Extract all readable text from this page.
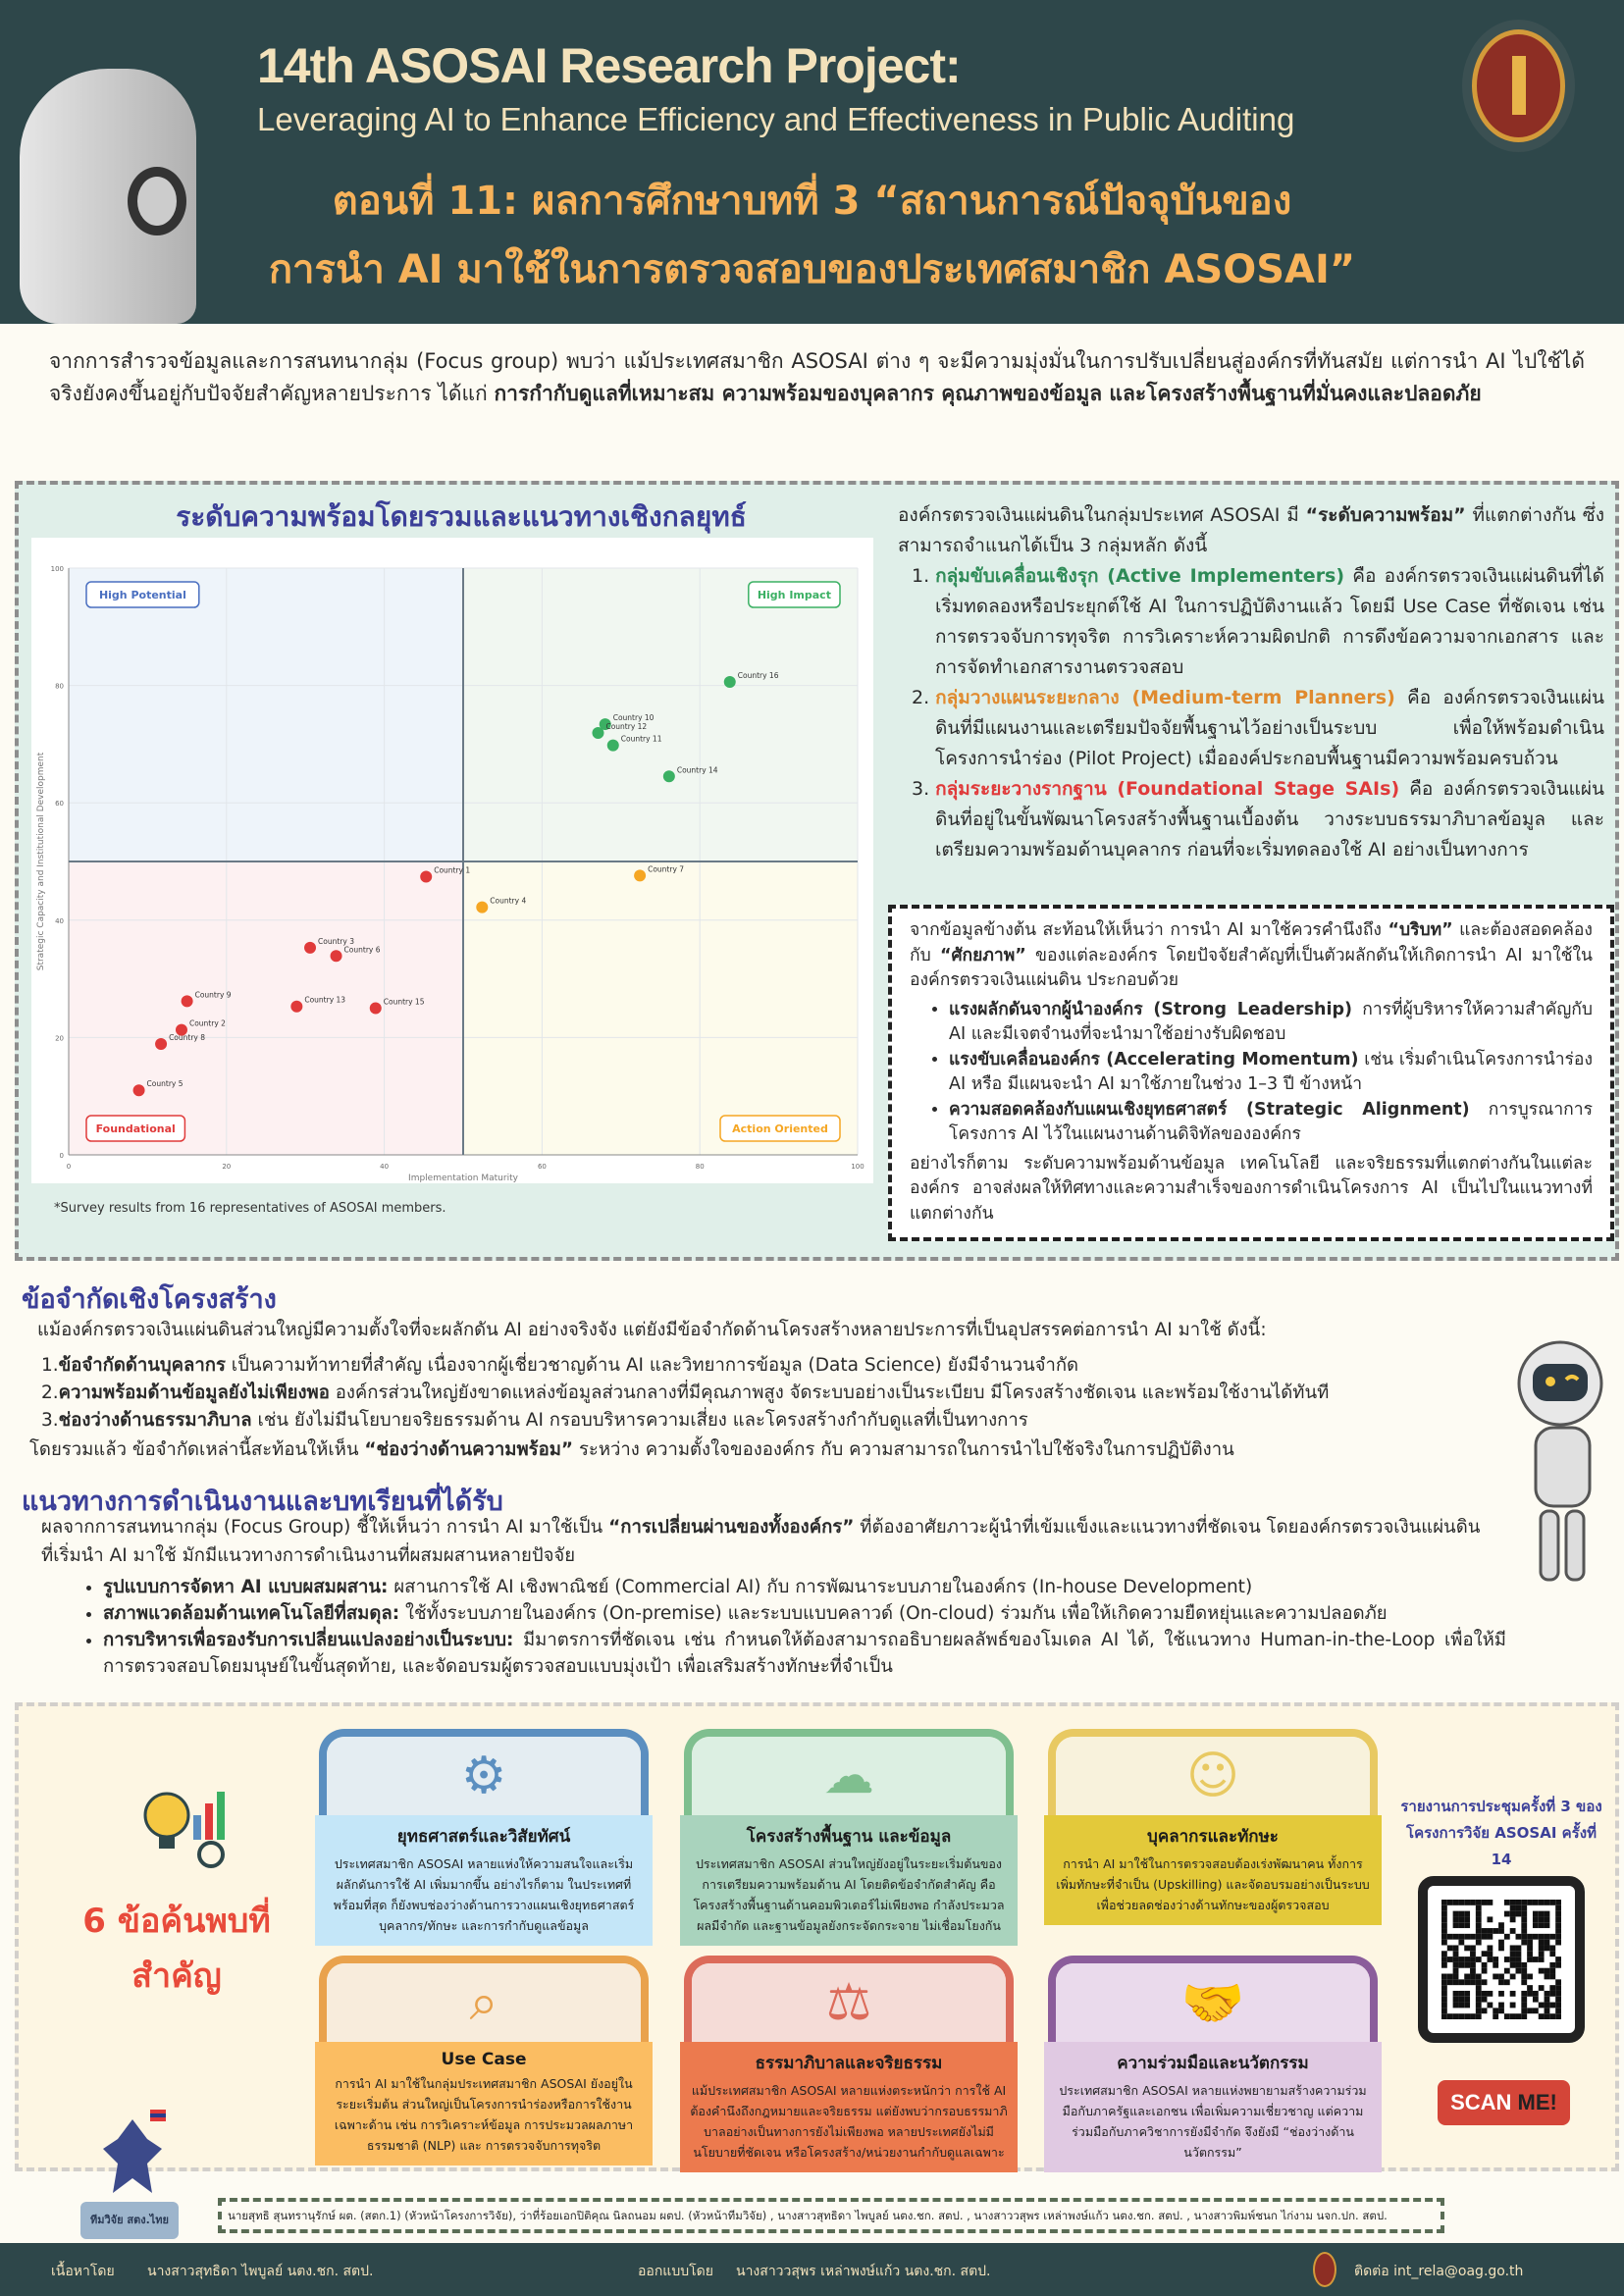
14th ASOSAI Research Project:
Leveraging AI to Enhance Efficiency and Effectiveness in Public Auditing
ตอนที่ 11: ผลการศึกษาบทที่ 3 “สถานการณ์ปัจจุบันของ
การนำ AI มาใช้ในการตรวจสอบของประเทศสมาชิก ASOSAI”
จากการสำรวจข้อมูลและการสนทนากลุ่ม (Focus group) พบว่า แม้ประเทศสมาชิก ASOSAI ต่าง ๆ จะมีความมุ่งมั่นในการปรับเปลี่ยนสู่องค์กรที่ทันสมัย แต่การนำ AI ไปใช้ได้จริงยังคงขึ้นอยู่กับปัจจัยสำคัญหลายประการ ได้แก่ การกำกับดูแลที่เหมาะสม ความพร้อมของบุคลากร คุณภาพของข้อมูล และโครงสร้างพื้นฐานที่มั่นคงและปลอดภัย
ระดับความพร้อมโดยรวมและแนวทางเชิงกลยุทธ์
0	20	40	60	80	100
0
20
40
60
80
100
Implementation Maturity
Strategic Capacity and Institutional Development
High Potential	High Impact
Foundational	Action Oriented
Country 16
Country 10
Country 12
Country 11
Country 14
Country 7
Country 4
Country 1
Country 3
Country 6
Country 9
Country 13	Country 15
Country 2
Country 8
Country 5
*Survey results from 16 representatives of ASOSAI members.

องค์กรตรวจเงินแผ่นดินในกลุ่มประเทศ ASOSAI มี “ระดับความพร้อม” ที่แตกต่างกัน ซึ่งสามารถจำแนกได้เป็น 3 กลุ่มหลัก ดังนี้

1. กลุ่มขับเคลื่อนเชิงรุก (Active Implementers) คือ องค์กรตรวจเงินแผ่นดินที่ได้เริ่มทดลองหรือประยุกต์ใช้ AI ในการปฏิบัติงานแล้ว โดยมี Use Case ที่ชัดเจน เช่น การตรวจจับการทุจริต การวิเคราะห์ความผิดปกติ การดึงข้อความจากเอกสาร และการจัดทำเอกสารงานตรวจสอบ

2. กลุ่มวางแผนระยะกลาง (Medium-term Planners) คือ องค์กรตรวจเงินแผ่นดินที่มีแผนงานและเตรียมปัจจัยพื้นฐานไว้อย่างเป็นระบบ เพื่อให้พร้อมดำเนินโครงการนำร่อง (Pilot Project) เมื่อองค์ประกอบพื้นฐานมีความพร้อมครบถ้วน

3. กลุ่มระยะวางรากฐาน (Foundational Stage SAIs) คือ องค์กรตรวจเงินแผ่นดินที่อยู่ในขั้นพัฒนาโครงสร้างพื้นฐานเบื้องต้น วางระบบธรรมาภิบาลข้อมูล และเตรียมความพร้อมด้านบุคลากร ก่อนที่จะเริ่มทดลองใช้ AI อย่างเป็นทางการ

จากข้อมูลข้างต้น สะท้อนให้เห็นว่า การนำ AI มาใช้ควรคำนึงถึง “บริบท” และต้องสอดคล้องกับ “ศักยภาพ” ของแต่ละองค์กร โดยปัจจัยสำคัญที่เป็นตัวผลักดันให้เกิดการนำ AI มาใช้ในองค์กรตรวจเงินแผ่นดิน ประกอบด้วย

• แรงผลักดันจากผู้นำองค์กร (Strong Leadership) การที่ผู้บริหารให้ความสำคัญกับ AI และมีเจตจำนงที่จะนำมาใช้อย่างรับผิดชอบ
• แรงขับเคลื่อนองค์กร (Accelerating Momentum) เช่น เริ่มดำเนินโครงการนำร่อง AI หรือ มีแผนจะนำ AI มาใช้ภายในช่วง 1–3 ปี ข้างหน้า
• ความสอดคล้องกับแผนเชิงยุทธศาสตร์ (Strategic Alignment) การบูรณาการโครงการ AI ไว้ในแผนงานด้านดิจิทัลขององค์กร

อย่างไรก็ตาม ระดับความพร้อมด้านข้อมูล เทคโนโลยี และจริยธรรมที่แตกต่างกันในแต่ละองค์กร อาจส่งผลให้ทิศทางและความสำเร็จของการดำเนินโครงการ AI เป็นไปในแนวทางที่แตกต่างกัน

ข้อจำกัดเชิงโครงสร้าง
แม้องค์กรตรวจเงินแผ่นดินส่วนใหญ่มีความตั้งใจที่จะผลักดัน AI อย่างจริงจัง แต่ยังมีข้อจำกัดด้านโครงสร้างหลายประการที่เป็นอุปสรรคต่อการนำ AI มาใช้ ดังนี้:
1.ข้อจำกัดด้านบุคลากร เป็นความท้าทายที่สำคัญ เนื่องจากผู้เชี่ยวชาญด้าน AI และวิทยาการข้อมูล (Data Science) ยังมีจำนวนจำกัด
2.ความพร้อมด้านข้อมูลยังไม่เพียงพอ องค์กรส่วนใหญ่ยังขาดแหล่งข้อมูลส่วนกลางที่มีคุณภาพสูง จัดระบบอย่างเป็นระเบียบ มีโครงสร้างชัดเจน และพร้อมใช้งานได้ทันที
3.ช่องว่างด้านธรรมาภิบาล เช่น ยังไม่มีนโยบายจริยธรรมด้าน AI กรอบบริหารความเสี่ยง และโครงสร้างกำกับดูแลที่เป็นทางการ
โดยรวมแล้ว ข้อจำกัดเหล่านี้สะท้อนให้เห็น “ช่องว่างด้านความพร้อม” ระหว่าง ความตั้งใจขององค์กร กับ ความสามารถในการนำไปใช้จริงในการปฏิบัติงาน
แนวทางการดำเนินงานและบทเรียนที่ได้รับ
ผลจากการสนทนากลุ่ม (Focus Group) ชี้ให้เห็นว่า การนำ AI มาใช้เป็น “การเปลี่ยนผ่านของทั้งองค์กร” ที่ต้องอาศัยภาวะผู้นำที่เข้มแข็งและแนวทางที่ชัดเจน โดยองค์กรตรวจเงินแผ่นดินที่เริ่มนำ AI มาใช้ มักมีแนวทางการดำเนินงานที่ผสมผสานหลายปัจจัย
• รูปแบบการจัดหา AI แบบผสมผสาน: ผสานการใช้ AI เชิงพาณิชย์ (Commercial AI) กับ การพัฒนาระบบภายในองค์กร (In-house Development)
• สภาพแวดล้อมด้านเทคโนโลยีที่สมดุล: ใช้ทั้งระบบภายในองค์กร (On-premise) และระบบแบบคลาวด์ (On-cloud) ร่วมกัน เพื่อให้เกิดความยืดหยุ่นและความปลอดภัย
• การบริหารเพื่อรองรับการเปลี่ยนแปลงอย่างเป็นระบบ: มีมาตรการที่ชัดเจน เช่น กำหนดให้ต้องสามารถอธิบายผลลัพธ์ของโมเดล AI ได้, ใช้แนวทาง Human-in-the-Loop เพื่อให้มีการตรวจสอบโดยมนุษย์ในขั้นสุดท้าย, และจัดอบรมผู้ตรวจสอบแบบมุ่งเป้า เพื่อเสริมสร้างทักษะที่จำเป็น
6 ข้อค้นพบที่
สำคัญ
⚙
ยุทธศาสตร์และวิสัยทัศน์

ประเทศสมาชิก ASOSAI หลายแห่งให้ความสนใจและเริ่มผลักดันการใช้ AI เพิ่มมากขึ้น อย่างไรก็ตาม ในประเทศที่พร้อมที่สุด ก็ยังพบช่องว่างด้านการวางแผนเชิงยุทธศาสตร์ บุคลากร/ทักษะ และการกำกับดูแลข้อมูล

☁
โครงสร้างพื้นฐาน และข้อมูล

ประเทศสมาชิก ASOSAI ส่วนใหญ่ยังอยู่ในระยะเริ่มต้นของการเตรียมความพร้อมด้าน AI โดยติดข้อจำกัดสำคัญ คือ โครงสร้างพื้นฐานด้านคอมพิวเตอร์ไม่เพียงพอ กำลังประมวลผลมีจำกัด และฐานข้อมูลยังกระจัดกระจาย ไม่เชื่อมโยงกัน

☺
บุคลากรและทักษะ

การนำ AI มาใช้ในการตรวจสอบต้องเร่งพัฒนาคน ทั้งการเพิ่มทักษะที่จำเป็น (Upskilling) และจัดอบรมอย่างเป็นระบบ เพื่อช่วยลดช่องว่างด้านทักษะของผู้ตรวจสอบ

⌕
Use Case

การนำ AI มาใช้ในกลุ่มประเทศสมาชิก ASOSAI ยังอยู่ในระยะเริ่มต้น ส่วนใหญ่เป็นโครงการนำร่องหรือการใช้งานเฉพาะด้าน เช่น การวิเคราะห์ข้อมูล การประมวลผลภาษาธรรมชาติ (NLP) และ การตรวจจับการทุจริต

⚖
ธรรมาภิบาลและจริยธรรม

แม้ประเทศสมาชิก ASOSAI หลายแห่งตระหนักว่า การใช้ AI ต้องคำนึงถึงกฎหมายและจริยธรรม แต่ยังพบว่ากรอบธรรมาภิบาลอย่างเป็นทางการยังไม่เพียงพอ หลายประเทศยังไม่มีนโยบายที่ชัดเจน หรือโครงสร้าง/หน่วยงานกำกับดูแลเฉพาะ

🤝
ความร่วมมือและนวัตกรรม

ประเทศสมาชิก ASOSAI หลายแห่งพยายามสร้างความร่วมมือกับภาครัฐและเอกชน เพื่อเพิ่มความเชี่ยวชาญ แต่ความร่วมมือกับภาควิชาการยังมีจำกัด จึงยังมี “ช่องว่างด้านนวัตกรรม”

รายงานการประชุมครั้งที่ 3 ของโครงการวิจัย ASOSAI ครั้งที่ 14
SCAN ME!
ทีมวิจัย สตง.ไทย	นายสุทธิ สุนทรานุรักษ์ ผต. (สตก.1) (หัวหน้าโครงการวิจัย), ว่าที่ร้อยเอกปิติคุณ นิลถนอม ผตป. (หัวหน้าทีมวิจัย) , นางสาวสุทธิดา ไพบูลย์ นตง.ชก. สตป. , นางสาววสุพร เหล่าพงษ์แก้ว นตง.ชก. สตป. , นางสาวพิมพ์ชนก ไก่งาม นจก.ปก. สตป.
เนื้อหาโดย นางสาวสุทธิดา ไพบูลย์ นตง.ชก. สตป.	ออกแบบโดย นางสาววสุพร เหล่าพงษ์แก้ว นตง.ชก. สตป.	ติดต่อ int_rela@oag.go.th
